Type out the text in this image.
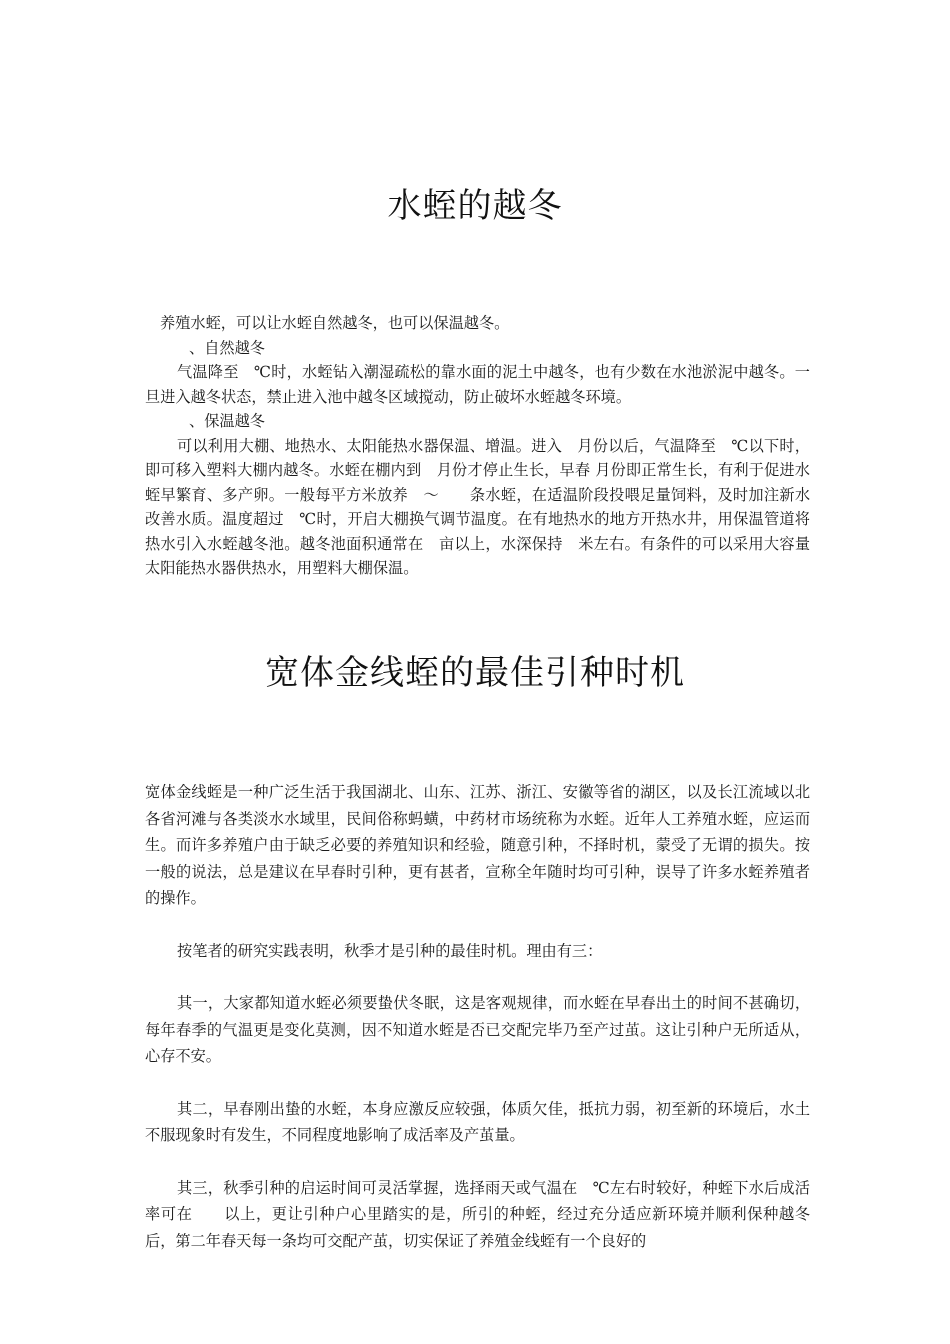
水蛭的越冬

养殖水蛭，可以让水蛭自然越冬，也可以保温越冬。

、自然越冬

气温降至　℃时，水蛭钻入潮湿疏松的靠水面的泥土中越冬，也有少数在水池淤泥中越冬。一旦进入越冬状态，禁止进入池中越冬区域搅动，防止破坏水蛭越冬环境。

、保温越冬

可以利用大棚、地热水、太阳能热水器保温、增温。进入　月份以后，气温降至　℃以下时，即可移入塑料大棚内越冬。水蛭在棚内到　月份才停止生长，早春 月份即正常生长，有利于促进水蛭早繁育、多产卵。一般每平方米放养　～　　条水蛭，在适温阶段投喂足量饲料，及时加注新水改善水质。温度超过　℃时，开启大棚换气调节温度。在有地热水的地方开热水井，用保温管道将热水引入水蛭越冬池。越冬池面积通常在　亩以上，水深保持　米左右。有条件的可以采用大容量太阳能热水器供热水，用塑料大棚保温。

宽体金线蛭的最佳引种时机

宽体金线蛭是一种广泛生活于我国湖北、山东、江苏、浙江、安徽等省的湖区，以及长江流域以北各省河滩与各类淡水水域里，民间俗称蚂蟥，中药材市场统称为水蛭。近年人工养殖水蛭，应运而生。而许多养殖户由于缺乏必要的养殖知识和经验，随意引种，不择时机，蒙受了无谓的损失。按一般的说法，总是建议在早春时引种，更有甚者，宣称全年随时均可引种，误导了许多水蛭养殖者的操作。

按笔者的研究实践表明，秋季才是引种的最佳时机。理由有三：

其一，大家都知道水蛭必须要蛰伏冬眠，这是客观规律，而水蛭在早春出土的时间不甚确切，每年春季的气温更是变化莫测，因不知道水蛭是否已交配完毕乃至产过茧。这让引种户无所适从，心存不安。

其二，早春刚出蛰的水蛭，本身应激反应较强，体质欠佳，抵抗力弱，初至新的环境后，水土不服现象时有发生，不同程度地影响了成活率及产茧量。

其三，秋季引种的启运时间可灵活掌握，选择雨天或气温在　℃左右时较好，种蛭下水后成活率可在　　以上，更让引种户心里踏实的是，所引的种蛭，经过充分适应新环境并顺利保种越冬后，第二年春天每一条均可交配产茧，切实保证了养殖金线蛭有一个良好的
